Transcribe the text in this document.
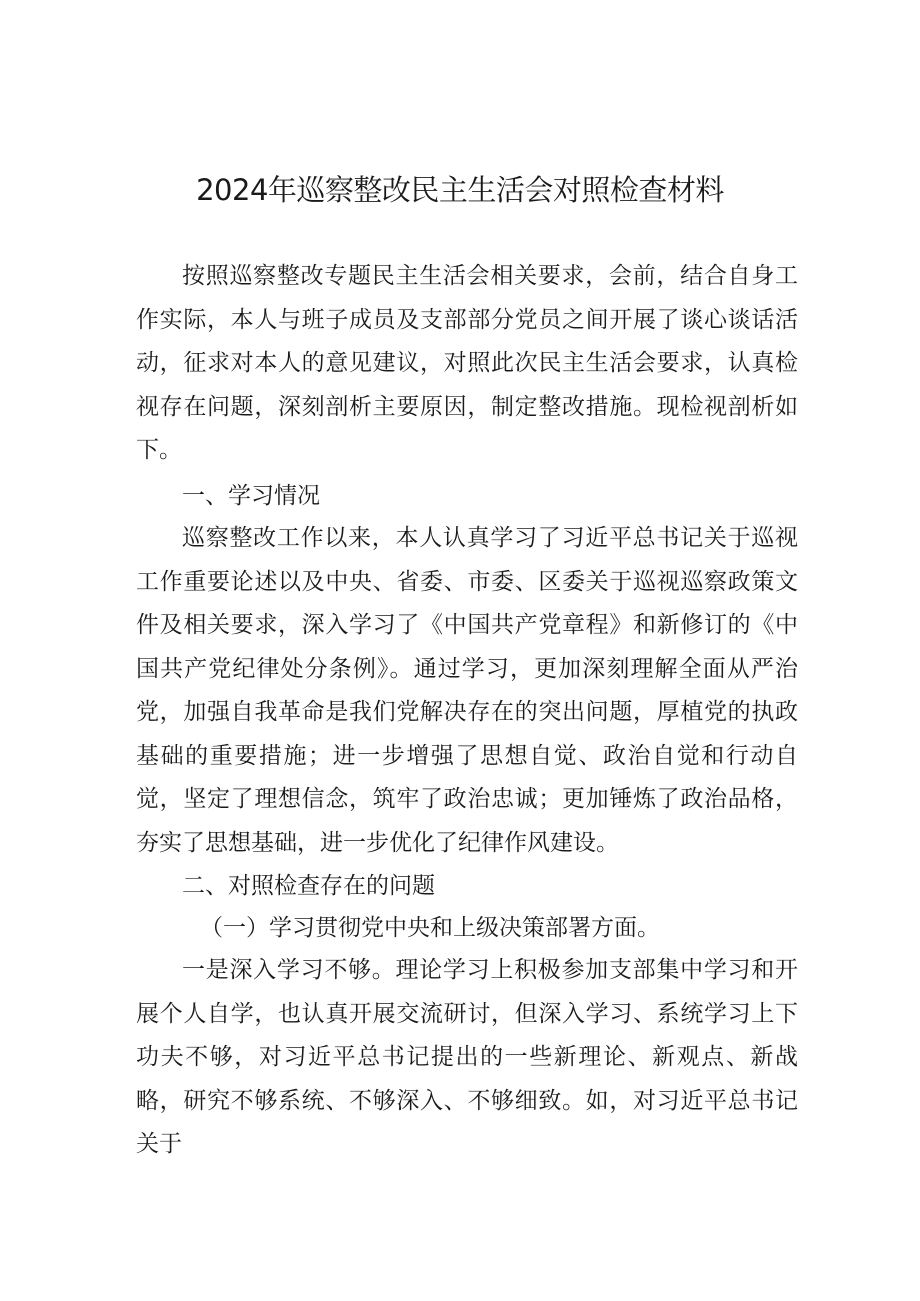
2024年巡察整改民主生活会对照检查材料

按照巡察整改专题民主生活会相关要求，会前，结合自身工作实际，本人与班子成员及支部部分党员之间开展了谈心谈话活动，征求对本人的意见建议，对照此次民主生活会要求，认真检视存在问题，深刻剖析主要原因，制定整改措施。现检视剖析如下。

一、学习情况

巡察整改工作以来，本人认真学习了习近平总书记关于巡视工作重要论述以及中央、省委、市委、区委关于巡视巡察政策文件及相关要求，深入学习了《中国共产党章程》和新修订的《中国共产党纪律处分条例》。通过学习，更加深刻理解全面从严治党，加强自我革命是我们党解决存在的突出问题，厚植党的执政基础的重要措施；进一步增强了思想自觉、政治自觉和行动自觉，坚定了理想信念，筑牢了政治忠诚；更加锤炼了政治品格，夯实了思想基础，进一步优化了纪律作风建设。

二、对照检查存在的问题

（一）学习贯彻党中央和上级决策部署方面。

一是深入学习不够。理论学习上积极参加支部集中学习和开展个人自学，也认真开展交流研讨，但深入学习、系统学习上下功夫不够，对习近平总书记提出的一些新理论、新观点、新战略，研究不够系统、不够深入、不够细致。如，对习近平总书记关于
